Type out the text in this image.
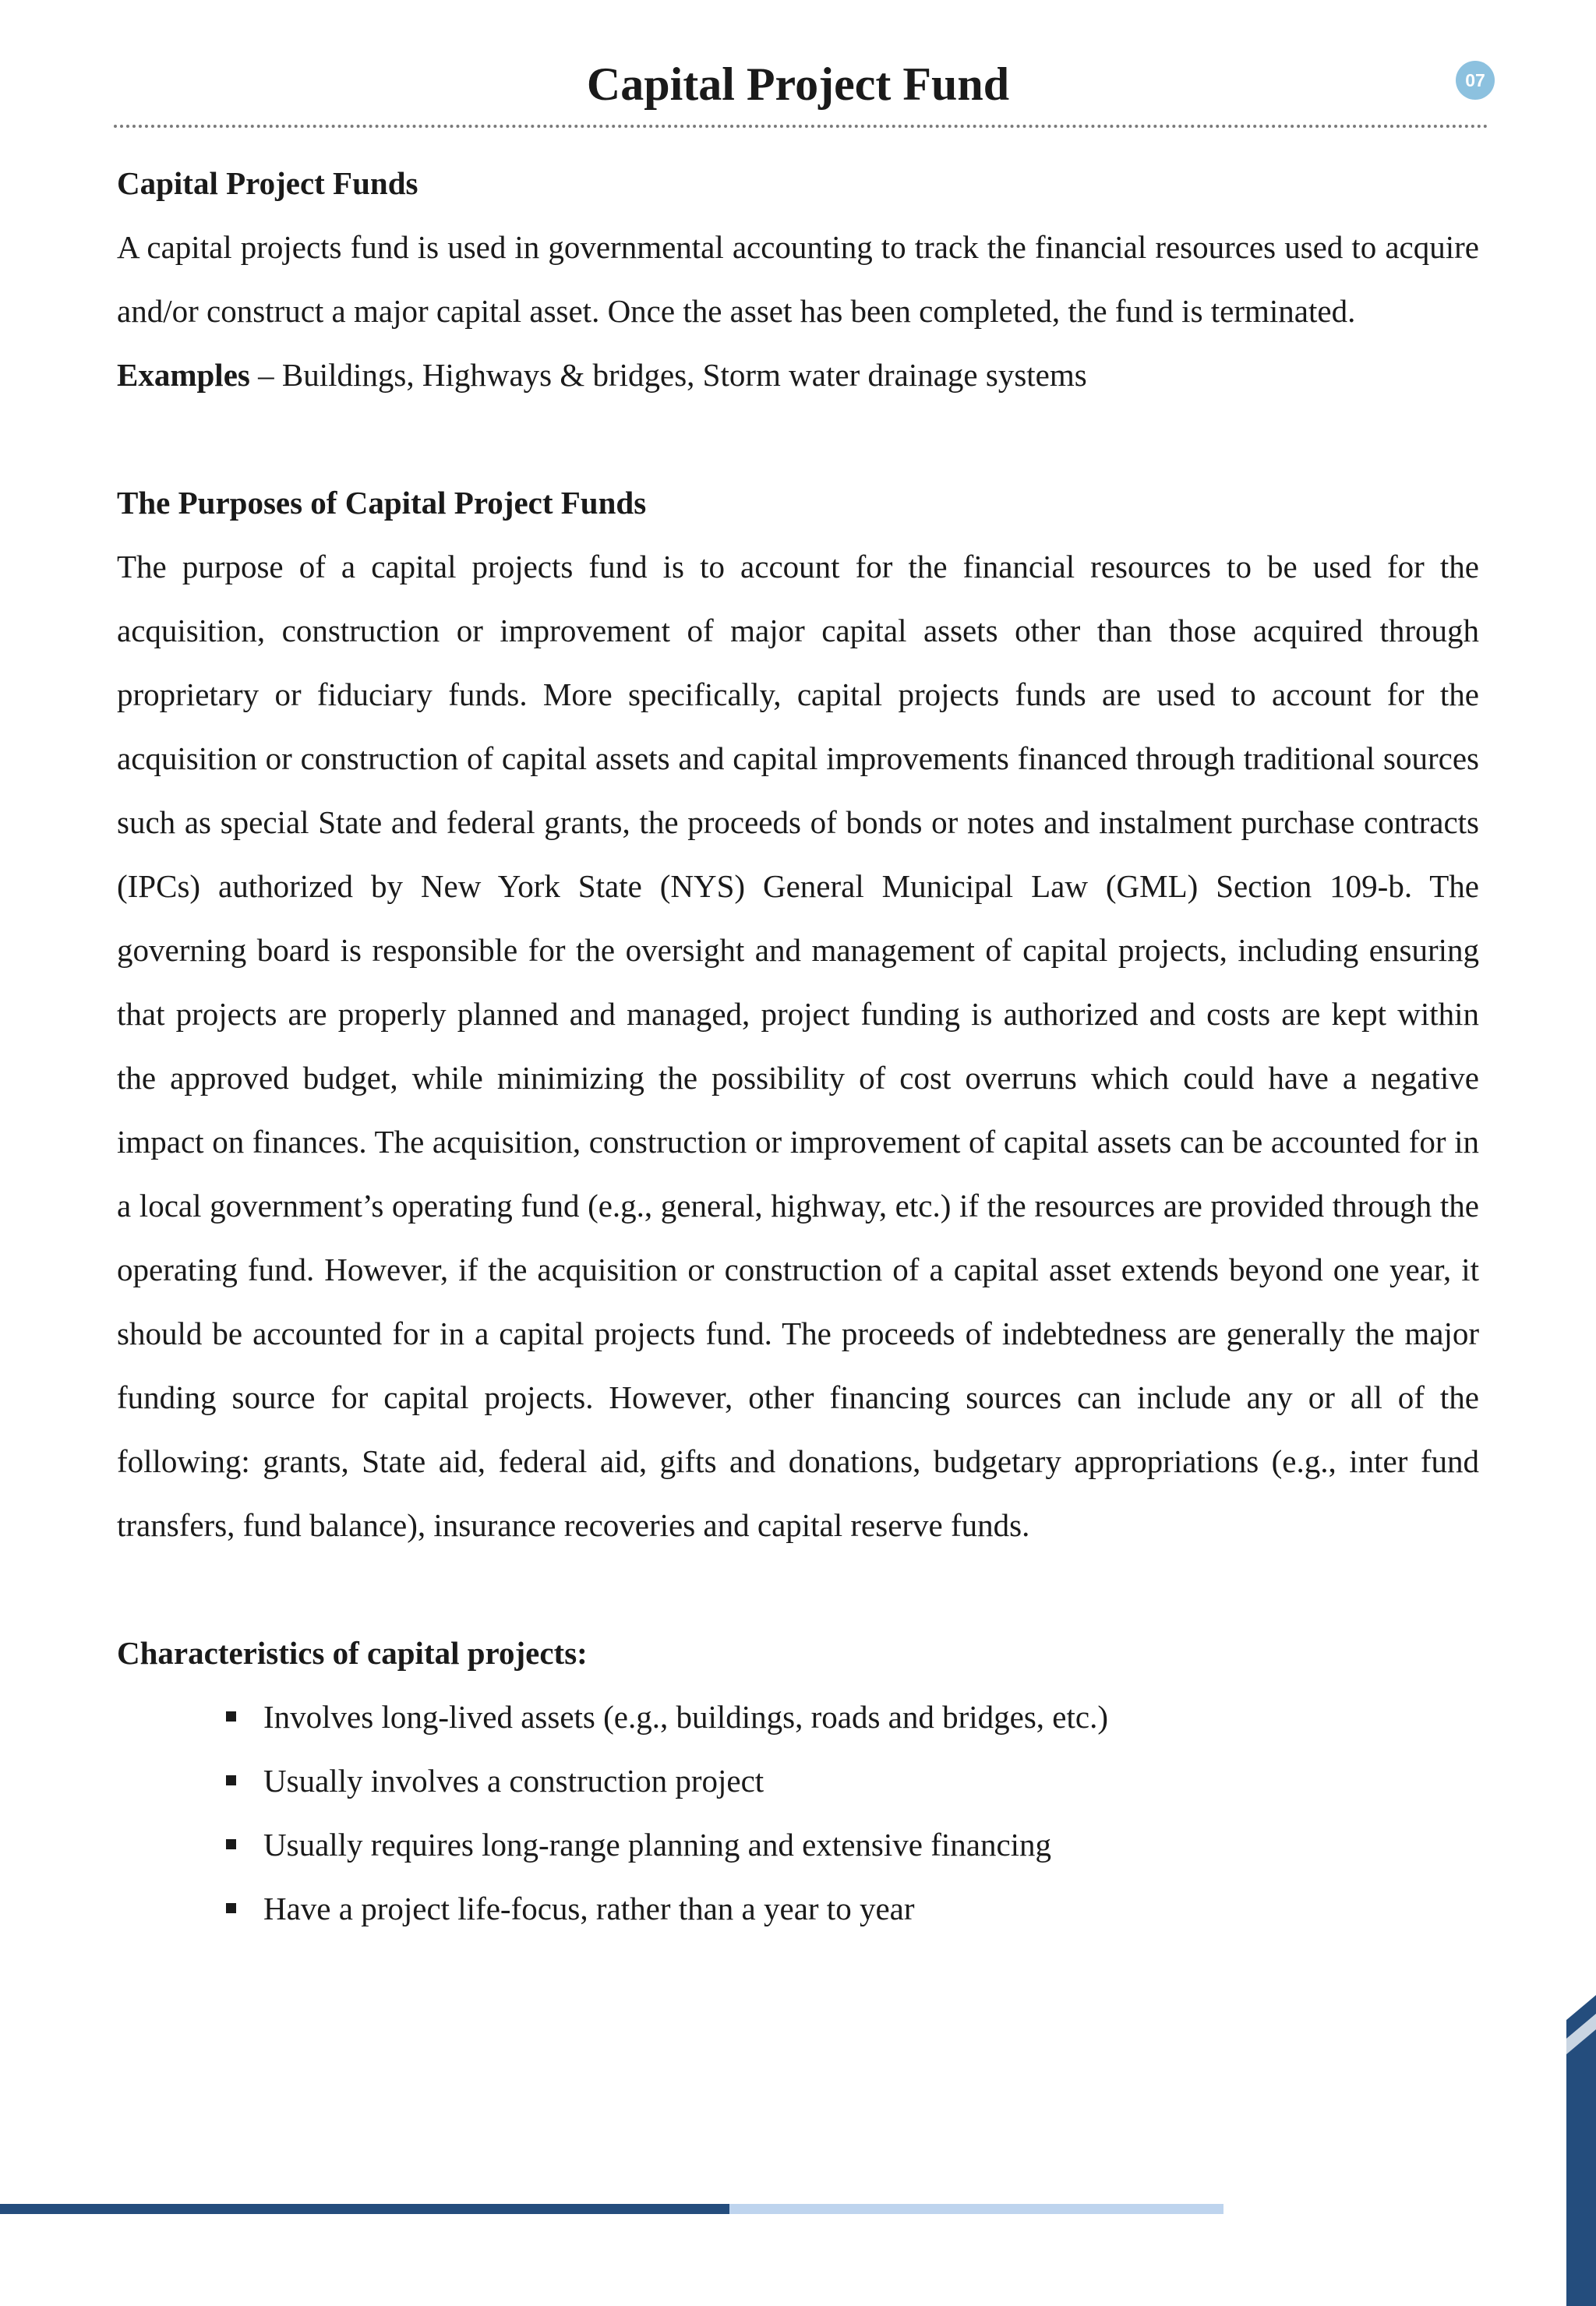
Capital Project Fund	07

Capital Project Funds

A capital projects fund is used in governmental accounting to track the financial resources used to acquire and/or construct a major capital asset. Once the asset has been completed, the fund is terminated.

Examples – Buildings, Highways & bridges, Storm water drainage systems

The Purposes of Capital Project Funds

The purpose of a capital projects fund is to account for the financial resources to be used for the acquisition, construction or improvement of major capital assets other than those acquired through proprietary or fiduciary funds. More specifically, capital projects funds are used to account for the acquisition or construction of capital assets and capital improvements financed through traditional sources such as special State and federal grants, the proceeds of bonds or notes and instalment purchase contracts (IPCs) authorized by New York State (NYS) General Municipal Law (GML) Section 109-b. The governing board is responsible for the oversight and management of capital projects, including ensuring that projects are properly planned and managed, project funding is authorized and costs are kept within the approved budget, while minimizing the possibility of cost overruns which could have a negative impact on finances. The acquisition, construction or improvement of capital assets can be accounted for in a local government’s operating fund (e.g., general, highway, etc.) if the resources are provided through the operating fund. However, if the acquisition or construction of a capital asset extends beyond one year, it should be accounted for in a capital projects fund. The proceeds of indebtedness are generally the major funding source for capital projects. However, other financing sources can include any or all of the following: grants, State aid, federal aid, gifts and donations, budgetary appropriations (e.g., inter fund transfers, fund balance), insurance recoveries and capital reserve funds.

Characteristics of capital projects:

Involves long-lived assets (e.g., buildings, roads and bridges, etc.)
Usually involves a construction project
Usually requires long-range planning and extensive financing
Have a project life-focus, rather than a year to year
